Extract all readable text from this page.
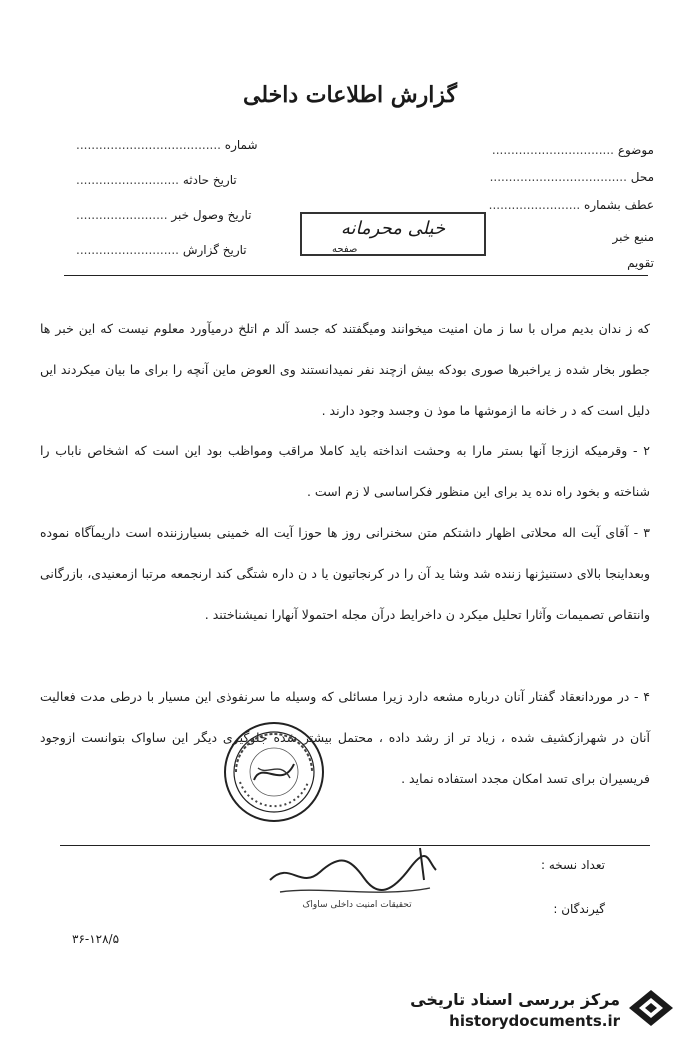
گزارش اطلاعات داخلی
موضوع ................................
محل ....................................
عطف بشماره ........................
منبع خبر
تقویم
شماره ......................................
تاریخ حادثه ...........................
تاریخ وصول خبر ........................
تاریخ گزارش ...........................
خیلی محرمانه
صفحه
که ز ندان بدیم مراں با سا ز مان امنیت میخوانند ومیگفتند که جسد آلد م اتلخ درمیآورد معلوم نیست که این خبر ها جطور بخار شده ز یراخبرها صوری بودکه بیش ازچند نفر نمیدانستند وی العوض ماین آنچه را برای ما بیان میکردند ایں دلیل است که د ر خانه ما ازموشها ما موذ ن وجسد وجود دارند .
۲ - وقرمیکه اززجا آنها بستر مارا به وحشت انداخته باید کاملا مراقب ومواظب بود این است که اشخاص ناباب را شناخته و بخود راه نده ید برای این منظور فکراساسی لا زم است .
۳ - آقای آیت اله محلاتی اظهار داشتکم متن سخنرانی روز ها حوزا آیت اله خمینی بسیارزننده است داریمآگاه نموده وبعداینجا بالای دستنیژنها زننده شد وشا ید آن را در کرنجاتیون یا د ن داره شتگی کند ارنجمعه مرتبا ازمعنیدی، بازرگانی وانتقاص تصمیمات وآثارا تحلیل میکرد ن داخرایط درآن مجله احتمولا آنهارا نمیشناختند .
۴ - در موردانعقاد گفتار آنان درباره مشعه دارد زیرا مسائلی که وسیله ما سرنفوذی این مسیار با درطی مدت فعالیت آنان در شهرازکشیف شده ، زیاد تر از رشد داده ، محتمل بیشتر شده جلوگیری دیگر این ساواک بتوانست ازوجود فریسیران برای تسد امکان مجدد استفاده نماید .
تحقیقات امنیت داخلی ساواک
تعداد نسخه :
گیرندگان :
۳۶-۱۲۸/۵
مرکز بررسی اسناد تاریخی
historydocuments.ir
